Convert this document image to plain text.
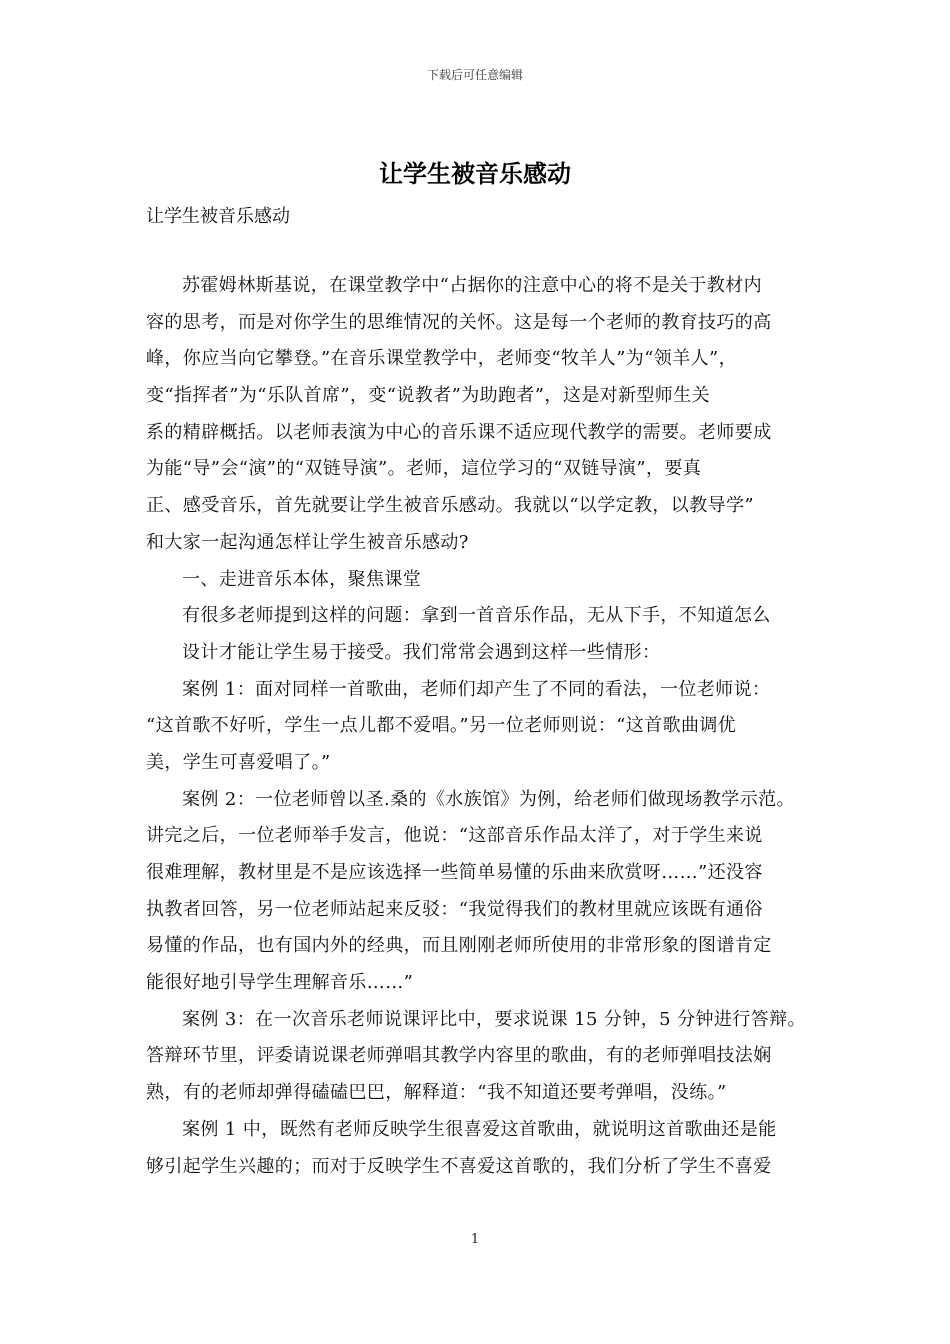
下载后可任意编辑
让学生被音乐感动
让学生被音乐感动
苏霍姆林斯基说，在课堂教学中“占据你的注意中心的将不是关于教材内
容的思考，而是对你学生的思维情况的关怀。这是每一个老师的教育技巧的高
峰，你应当向它攀登。”在音乐课堂教学中，老师变“牧羊人”为“领羊人”，
变“指挥者”为“乐队首席”，变“说教者”为助跑者”，这是对新型师生关
系的精辟概括。以老师表演为中心的音乐课不适应现代教学的需要。老师要成
为能“导”会“演”的“双链导演”。老师，這位学习的“双链导演”，要真
正、感受音乐，首先就要让学生被音乐感动。我就以“以学定教，以教导学”
和大家一起沟通怎样让学生被音乐感动?
一、走进音乐本体，聚焦课堂
有很多老师提到这样的问题：拿到一首音乐作品，无从下手，不知道怎么
设计才能让学生易于接受。我们常常会遇到这样一些情形：
案例 1：面对同样一首歌曲，老师们却产生了不同的看法，一位老师说：
“这首歌不好听，学生一点儿都不爱唱。”另一位老师则说：“这首歌曲调优
美，学生可喜爱唱了。”
案例 2：一位老师曾以圣.桑的《水族馆》为例，给老师们做现场教学示范。
讲完之后，一位老师举手发言，他说：“这部音乐作品太洋了，对于学生来说
很难理解，教材里是不是应该选择一些简单易懂的乐曲来欣赏呀……”还没容
执教者回答，另一位老师站起来反驳：“我觉得我们的教材里就应该既有通俗
易懂的作品，也有国内外的经典，而且刚刚老师所使用的非常形象的图谱肯定
能很好地引导学生理解音乐……”
案例 3：在一次音乐老师说课评比中，要求说课 15 分钟，5 分钟进行答辩。
答辩环节里，评委请说课老师弹唱其教学内容里的歌曲，有的老师弹唱技法娴
熟，有的老师却弹得磕磕巴巴，解释道：“我不知道还要考弹唱，没练。”
案例 1 中，既然有老师反映学生很喜爱这首歌曲，就说明这首歌曲还是能
够引起学生兴趣的；而对于反映学生不喜爱这首歌的，我们分析了学生不喜爱
1
